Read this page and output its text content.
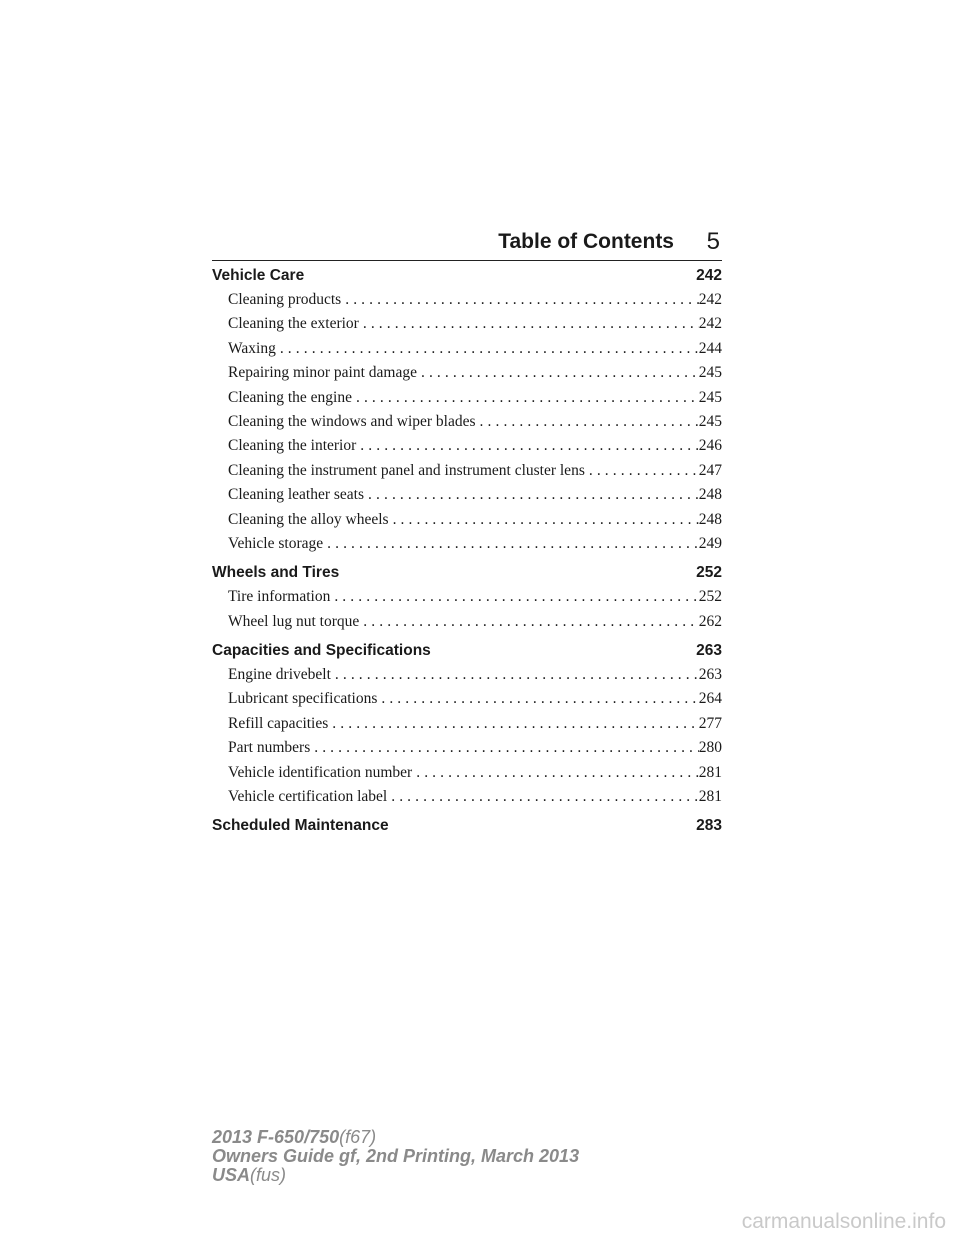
Table of Contents 5
Vehicle Care	242
Cleaning products .....	242
Cleaning the exterior .....	242
Waxing .....	244
Repairing minor paint damage .....	245
Cleaning the engine .....	245
Cleaning the windows and wiper blades .....	245
Cleaning the interior .....	246
Cleaning the instrument panel and instrument cluster lens .....	247
Cleaning leather seats .....	248
Cleaning the alloy wheels .....	248
Vehicle storage .....	249
Wheels and Tires	252
Tire information .....	252
Wheel lug nut torque .....	262
Capacities and Specifications	263
Engine drivebelt .....	263
Lubricant specifications .....	264
Refill capacities .....	277
Part numbers .....	280
Vehicle identification number .....	281
Vehicle certification label .....	281
Scheduled Maintenance	283
2013 F-650/750(f67)
Owners Guide gf, 2nd Printing, March 2013
USA(fus)
carmanualsonline.info
